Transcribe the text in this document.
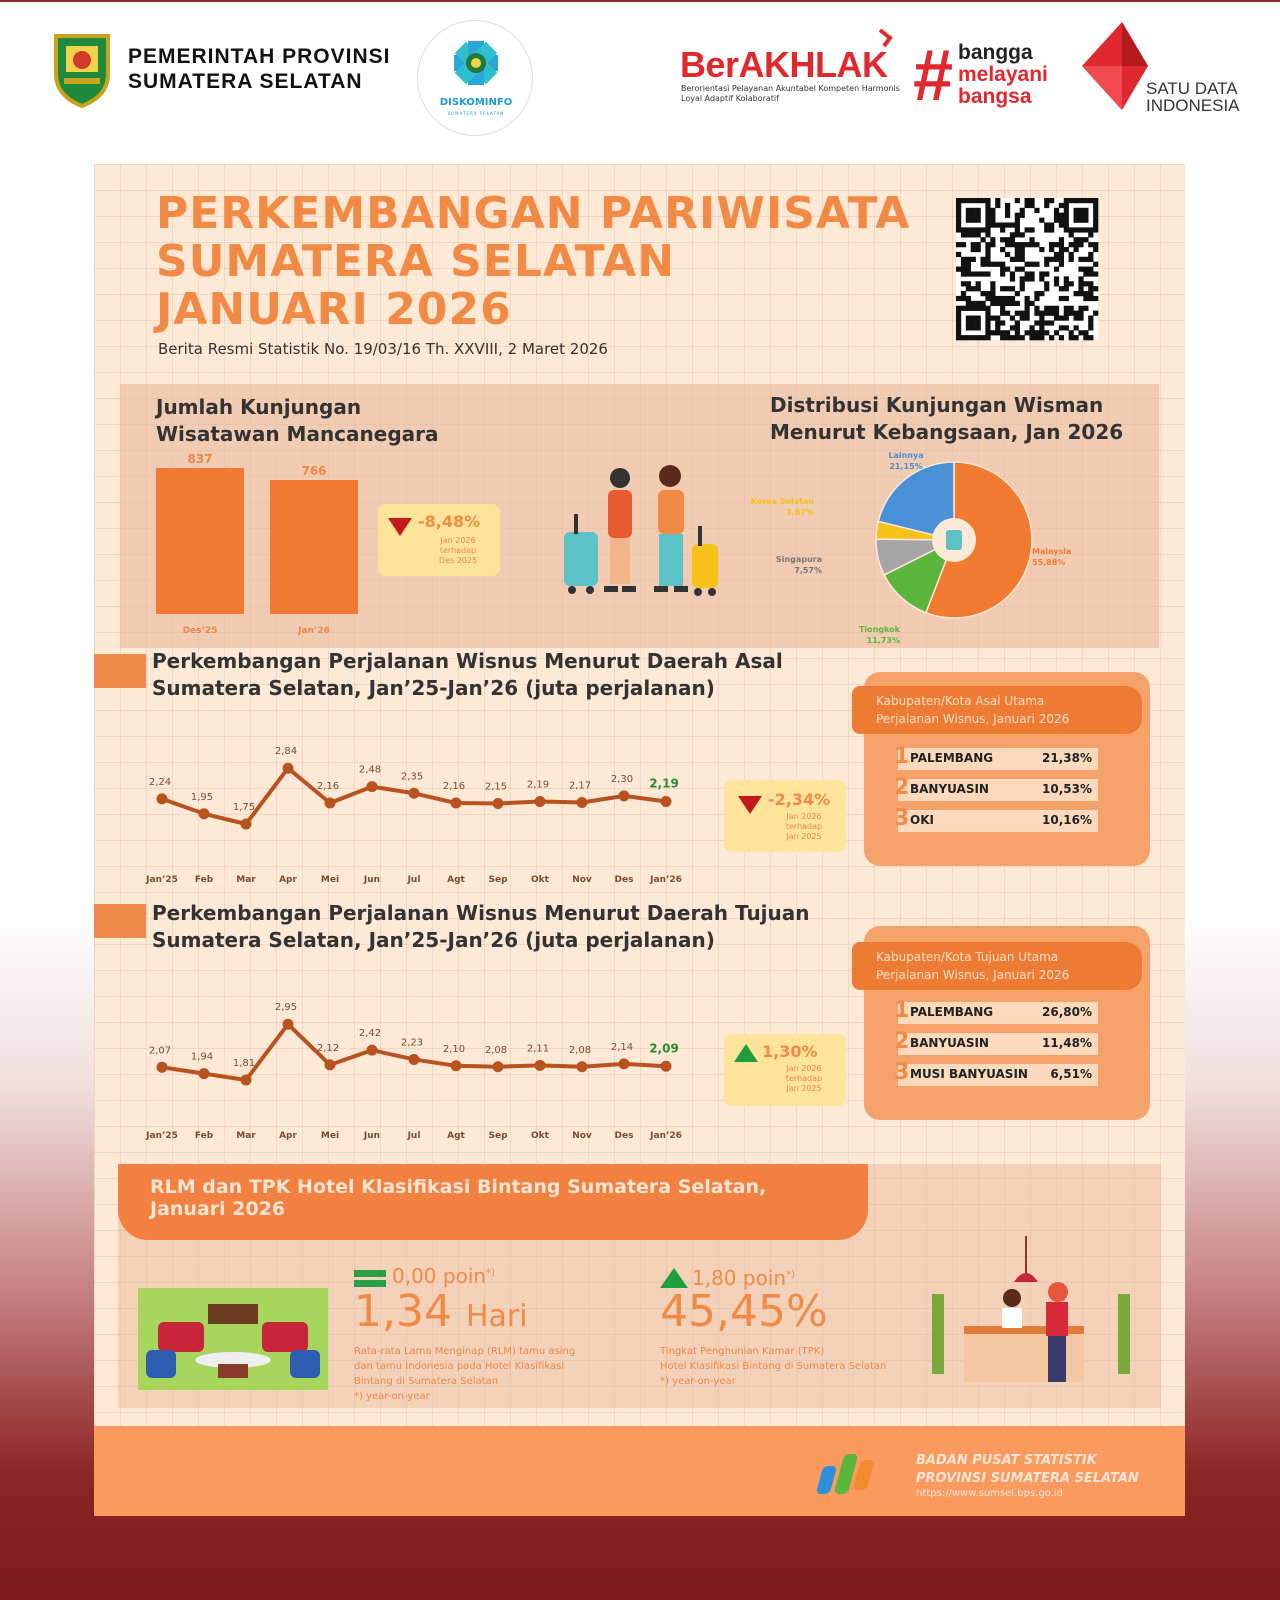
PEMERINTAH PROVINSI
SUMATERA SELATAN
DISKOMINFO
SUMATERA SELATAN
BerAKHLAK
Berorientasi Pelayanan Akuntabel Kompeten Harmonis Loyal Adaptif Kolaboratif	# bangga
melayani
bangsa	SATU DATA
INDONESIA
PERKEMBANGAN PARIWISATA
SUMATERA SELATAN
JANUARI 2026
Berita Resmi Statistik No. 19/03/16 Th. XXVIII, 2 Maret 2026
Jumlah Kunjungan
Wisatawan Mancanegara
837
Des’25
766
Jan’26
-8,48%
Jan 2026
terhadap
Des 2025
Distribusi Kunjungan Wisman
Menurut Kebangsaan, Jan 2026
Malaysia
55,88%
Tiongkok
11,73%
Singapura
7,57%
Korea Selatan
3,67%
Lainnya
21,15%
Perkembangan Perjalanan Wisnus Menurut Daerah Asal
Sumatera Selatan, Jan’25-Jan’26 (juta perjalanan)
2,24
Jan’25
1,95
Feb
1,75
Mar
2,84
Apr
2,16
Mei
2,48
Jun
2,35
Jul
2,16
Agt
2,15
Sep
2,19
Okt
2,17
Nov
2,30
Des
2,19
Jan’26
-2,34%
Jan 2026
terhadap
Jan 2025
Kabupaten/Kota Asal Utama
Perjalanan Wisnus, Januari 2026
1 PALEMBANG	21,38%
2 BANYUASIN	10,53%
3 OKI	10,16%
Perkembangan Perjalanan Wisnus Menurut Daerah Tujuan
Sumatera Selatan, Jan’25-Jan’26 (juta perjalanan)
2,07
Jan’25
1,94
Feb
1,81
Mar
2,95
Apr
2,12
Mei
2,42
Jun
2,23
Jul
2,10
Agt
2,08
Sep
2,11
Okt
2,08
Nov
2,14
Des
2,09
Jan’26
1,30%
Jan 2026
terhadap
Jan 2025
Kabupaten/Kota Tujuan Utama
Perjalanan Wisnus, Januari 2026
1 PALEMBANG	26,80%
2 BANYUASIN	11,48%
3 MUSI BANYUASIN 6,51%
RLM dan TPK Hotel Klasifikasi Bintang Sumatera Selatan,
Januari 2026
0,00 poin*)
1,34 Hari
Rata-rata Lama Menginap (RLM) tamu asing
dan tamu Indonesia pada Hotel Klasifikasi
Bintang di Sumatera Selatan
*) year-on-year
1,80 poin*)
45,45%
Tingkat Penghunian Kamar (TPK)
Hotel Klasifikasi Bintang di Sumatera Selatan
*) year-on-year
BADAN PUSAT STATISTIK
PROVINSI SUMATERA SELATAN
https://www.sumsel.bps.go.id
